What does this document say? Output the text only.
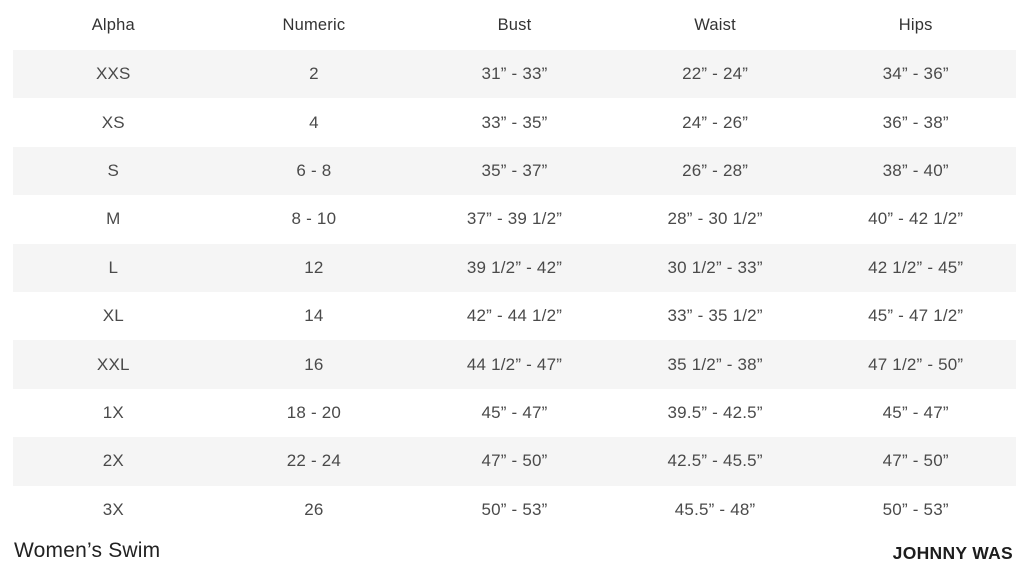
Alpha	Numeric	Bust	Waist	Hips
XXS	2	31” - 33”	22” - 24”	34” - 36”
XS	4	33” - 35”	24” - 26”	36” - 38”
S	6 - 8	35” - 37”	26” - 28”	38” - 40”
M	8 - 10	37” - 39 1/2”	28” - 30 1/2”	40” - 42 1/2”
L	12	39 1/2” - 42”	30 1/2” - 33”	42 1/2” - 45”
XL	14	42” - 44 1/2”	33” - 35 1/2”	45” - 47 1/2”
XXL	16	44 1/2” - 47”	35 1/2” - 38”	47 1/2” - 50”
1X	18 - 20	45” - 47”	39.5” - 42.5”	45” - 47”
2X	22 - 24	47” - 50”	42.5” - 45.5”	47” - 50”
3X	26	50” - 53”	45.5” - 48”	50” - 53”
Women’s Swim	JOHNNY WAS
